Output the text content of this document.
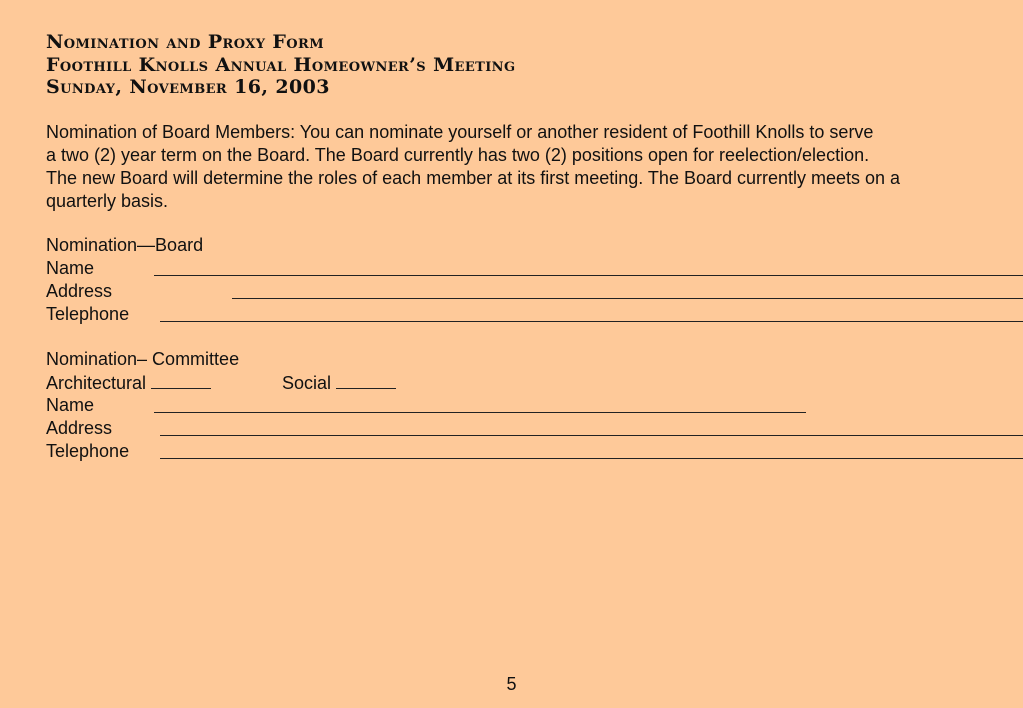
Nomination and Proxy Form
Foothill Knolls Annual Homeowner’s Meeting
Sunday, November 16, 2003

Nomination of Board Members: You can nominate yourself or another resident of Foothill Knolls to serve

a two (2) year term on the Board. The Board currently has two (2) positions open for reelection/election.

The new Board will determine the roles of each member at its first meeting. The Board currently meets on a

quarterly basis.

Nomination—Board
Name
Address
Telephone
Nomination– Committee
Architectural	Social
Name
Address
Telephone
5
